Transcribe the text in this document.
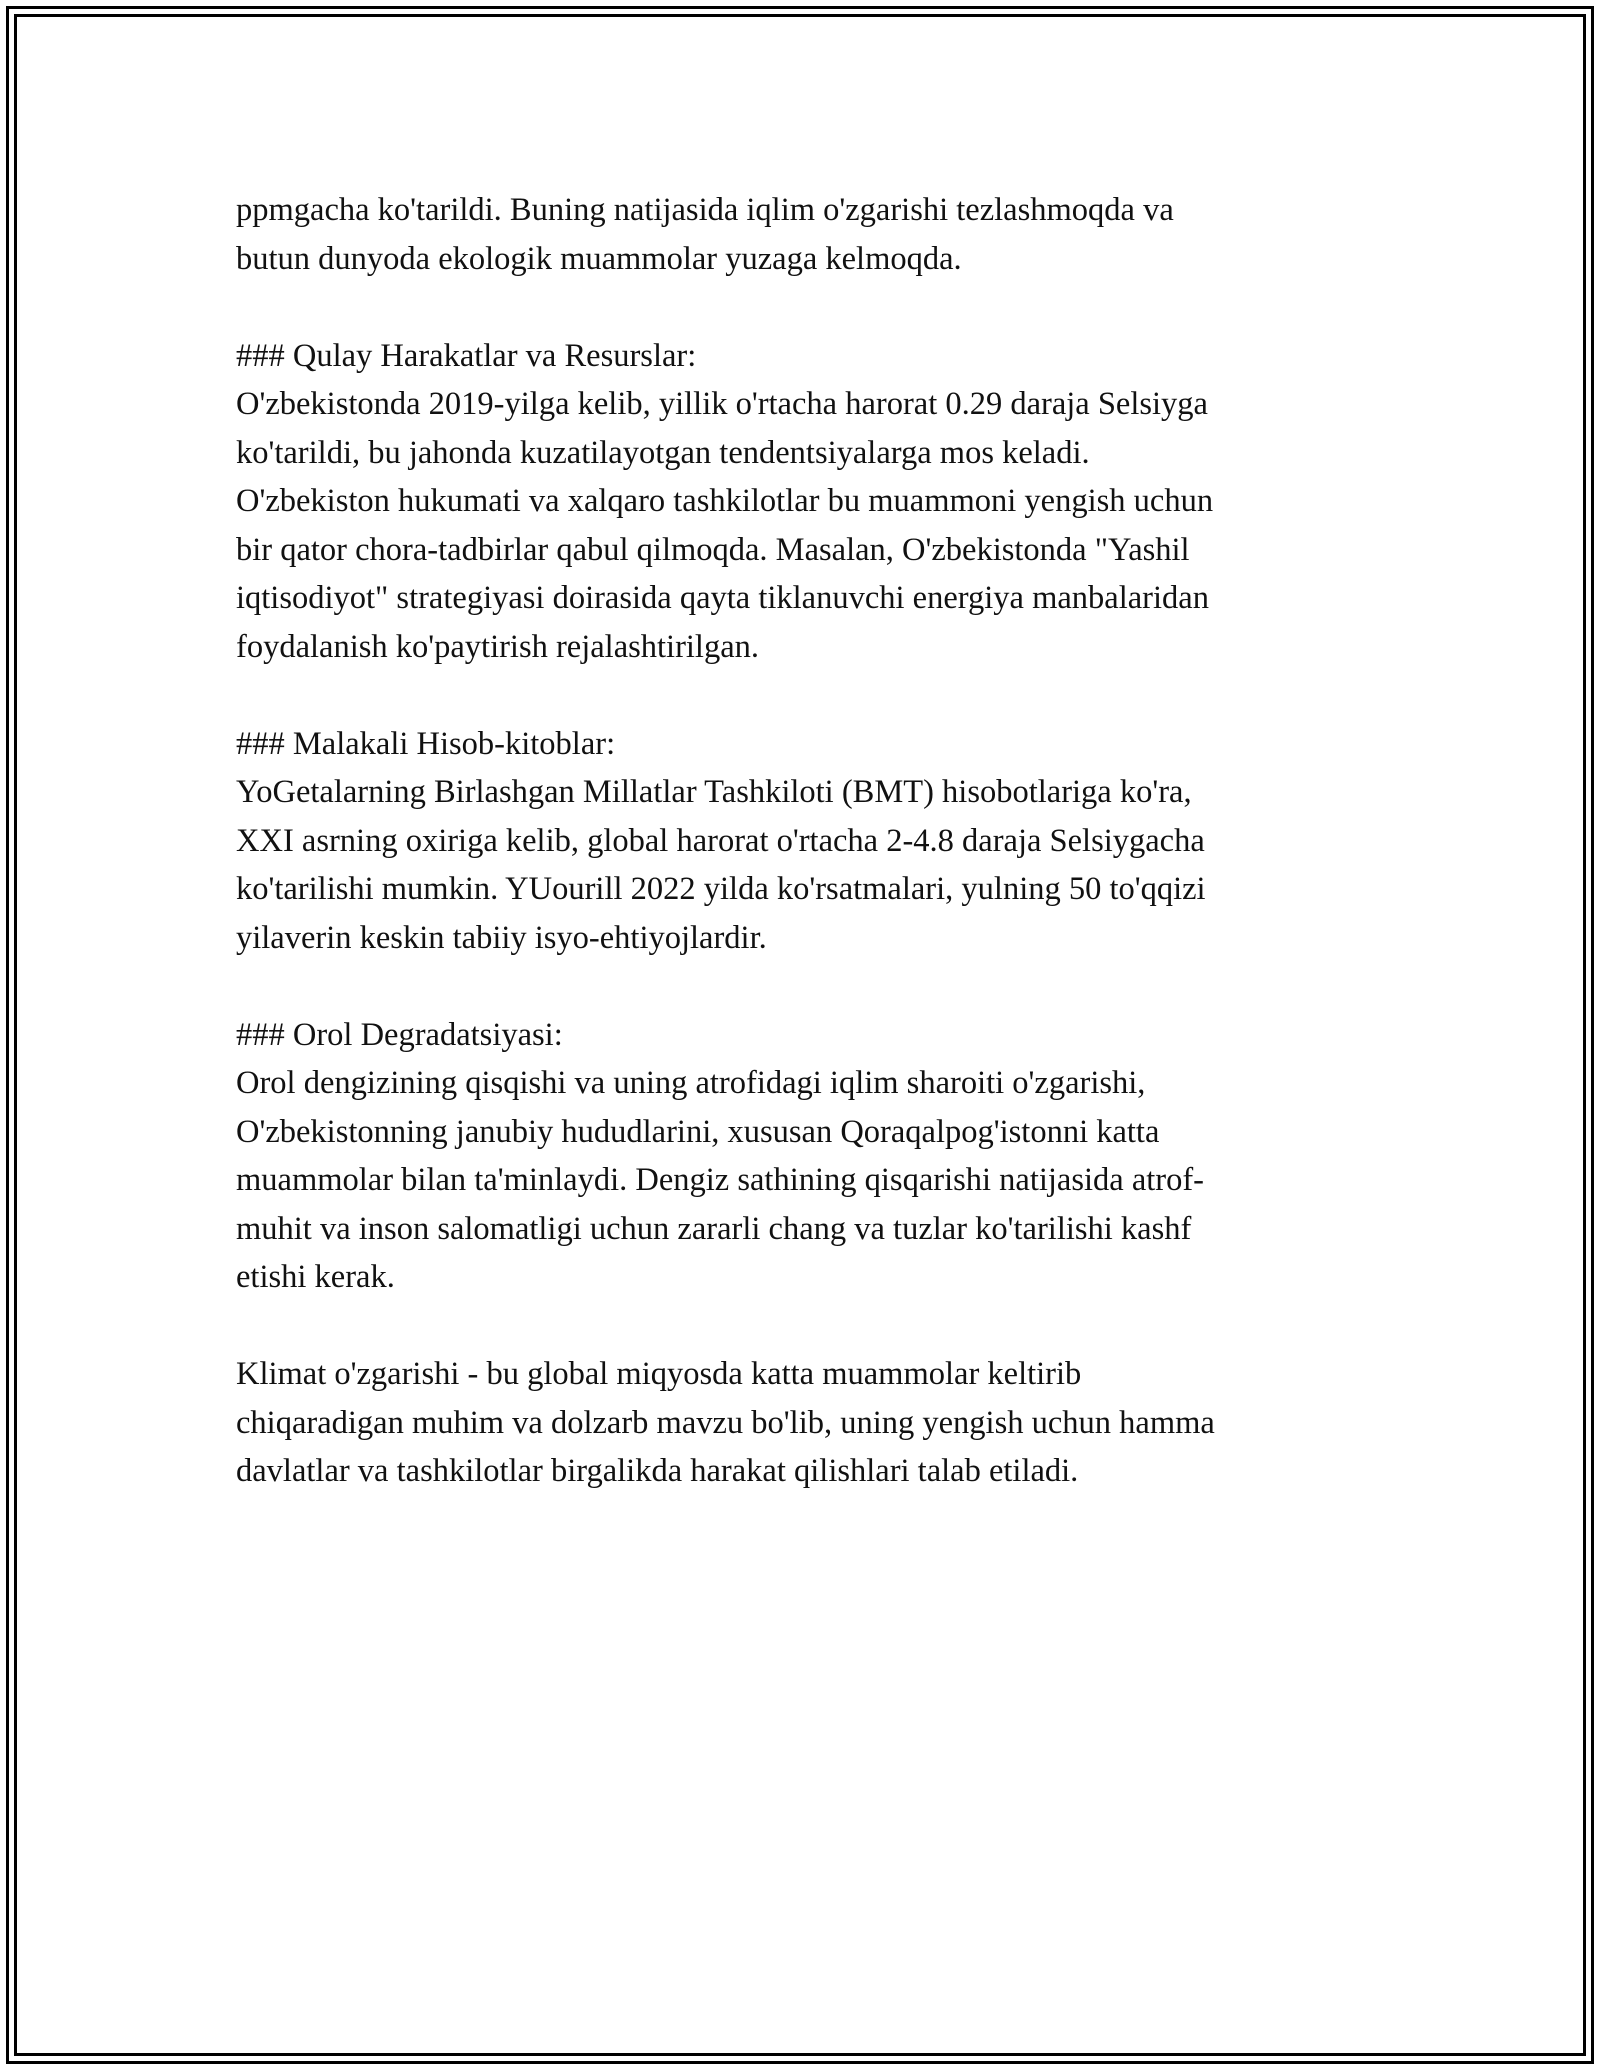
ppmgacha ko'tarildi. Buning natijasida iqlim o'zgarishi tezlashmoqda va
butun dunyoda ekologik muammolar yuzaga kelmoqda.
### Qulay Harakatlar va Resurslar:
O'zbekistonda 2019-yilga kelib, yillik o'rtacha harorat 0.29 daraja Selsiyga
ko'tarildi, bu jahonda kuzatilayotgan tendentsiyalarga mos keladi.
O'zbekiston hukumati va xalqaro tashkilotlar bu muammoni yengish uchun
bir qator chora-tadbirlar qabul qilmoqda. Masalan, O'zbekistonda "Yashil
iqtisodiyot" strategiyasi doirasida qayta tiklanuvchi energiya manbalaridan
foydalanish ko'paytirish rejalashtirilgan.
### Malakali Hisob-kitoblar:
YoGetalarning Birlashgan Millatlar Tashkiloti (BMT) hisobotlariga ko'ra,
XXI asrning oxiriga kelib, global harorat o'rtacha 2-4.8 daraja Selsiygacha
ko'tarilishi mumkin. YUourill 2022 yilda ko'rsatmalari, yulning 50 to'qqizi
yilaverin keskin tabiiy isyo-ehtiyojlardir.
### Orol Degradatsiyasi:
Orol dengizining qisqishi va uning atrofidagi iqlim sharoiti o'zgarishi,
O'zbekistonning janubiy hududlarini, xususan Qoraqalpog'istonni katta
muammolar bilan ta'minlaydi. Dengiz sathining qisqarishi natijasida atrof-
muhit va inson salomatligi uchun zararli chang va tuzlar ko'tarilishi kashf
etishi kerak.
Klimat o'zgarishi - bu global miqyosda katta muammolar keltirib
chiqaradigan muhim va dolzarb mavzu bo'lib, uning yengish uchun hamma
davlatlar va tashkilotlar birgalikda harakat qilishlari talab etiladi.
